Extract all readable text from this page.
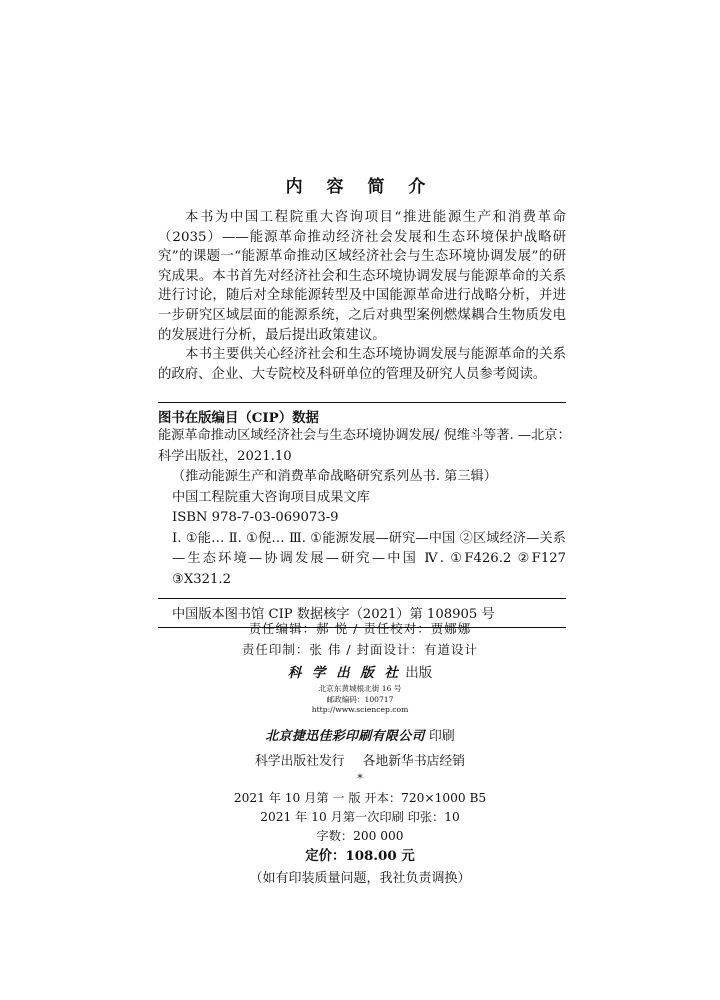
内 容 简 介

本书为中国工程院重大咨询项目“推进能源生产和消费革命（2035）——能源革命推动经济社会发展和生态环境保护战略研究”的课题一“能源革命推动区域经济社会与生态环境协调发展”的研究成果。本书首先对经济社会和生态环境协调发展与能源革命的关系进行讨论，随后对全球能源转型及中国能源革命进行战略分析，并进一步研究区域层面的能源系统，之后对典型案例燃煤耦合生物质发电的发展进行分析，最后提出政策建议。

本书主要供关心经济社会和生态环境协调发展与能源革命的关系的政府、企业、大专院校及科研单位的管理及研究人员参考阅读。

图书在版编目（CIP）数据
能源革命推动区域经济社会与生态环境协调发展/ 倪维斗等著. —北京：
科学出版社，2021.10
（推动能源生产和消费革命战略研究系列丛书. 第三辑）
中国工程院重大咨询项目成果文库
ISBN 978-7-03-069073-9
Ⅰ. ①能… Ⅱ. ①倪… Ⅲ. ①能源发展—研究—中国 ②区域经济—关系—生态环境—协调发展—研究—中国 Ⅳ. ①F426.2 ②F127 ③X321.2
中国版本图书馆 CIP 数据核字（2021）第 108905 号
责任编辑：郝 悦 / 责任校对：贾娜娜
责任印制：张 伟 / 封面设计：有道设计
科 学 出 版 社 出版
北京东黄城根北街 16 号
邮政编码：100717
http://www.sciencep.com
北京捷迅佳彩印刷有限公司 印刷
科学出版社发行 各地新华书店经销
*
2021 年 10 月第 一 版 开本：720×1000 B5
2021 年 10 月第一次印刷 印张：10
字数：200 000
定价：108.00 元
（如有印装质量问题，我社负责调换）
